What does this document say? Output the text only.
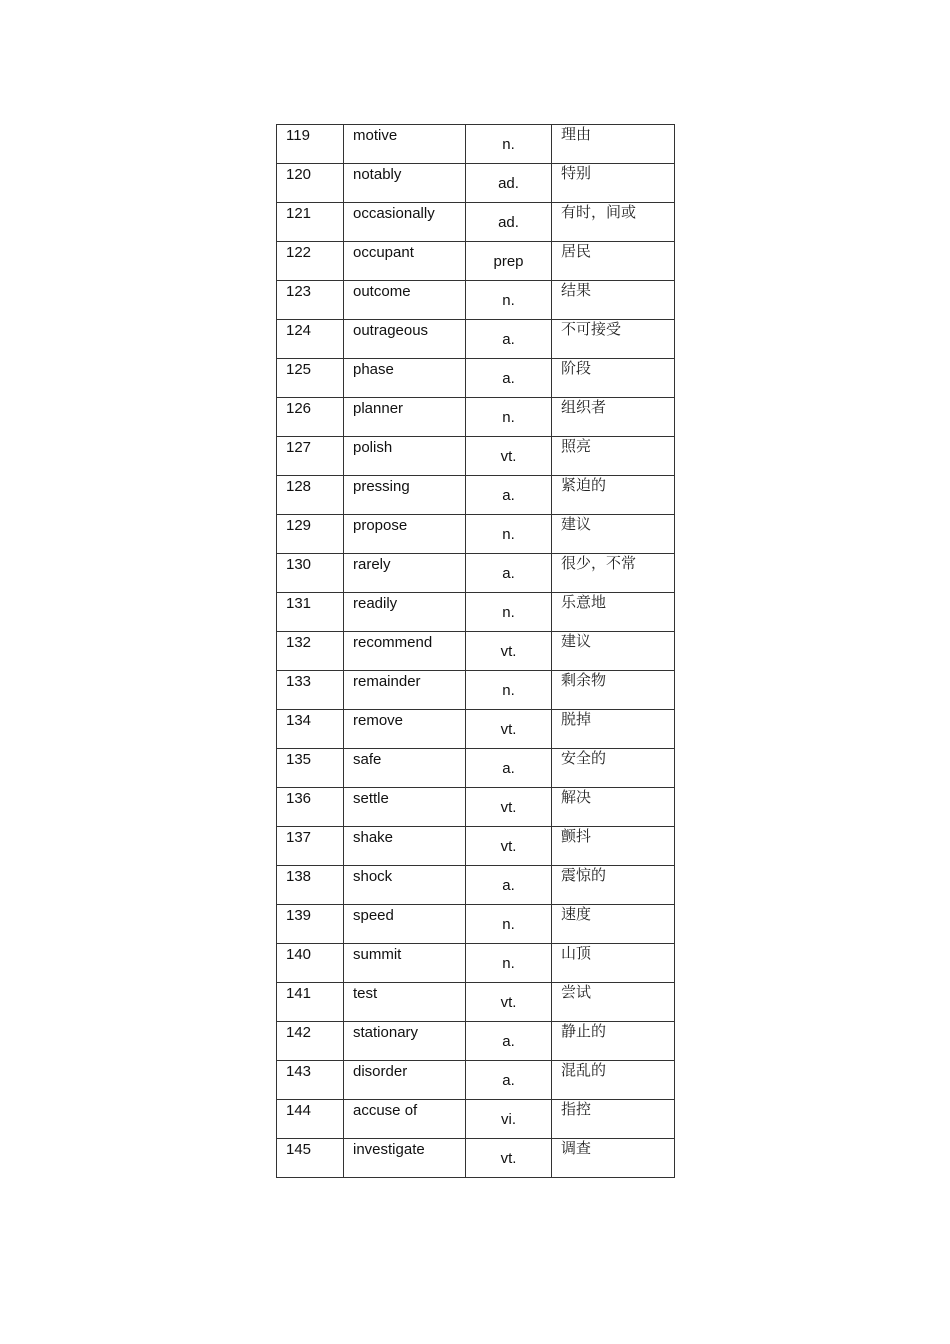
119	motive	n.	理由
120	notably	ad.	特别
121	occasionally	ad.	有时，间或
122	occupant	prep	居民
123	outcome	n.	结果
124	outrageous	a.	不可接受
125	phase	a.	阶段
126	planner	n.	组织者
127	polish	vt.	照亮
128	pressing	a.	紧迫的
129	propose	n.	建议
130	rarely	a.	很少，不常
131	readily	n.	乐意地
132	recommend	vt.	建议
133	remainder	n.	剩余物
134	remove	vt.	脱掉
135	safe	a.	安全的
136	settle	vt.	解决
137	shake	vt.	颤抖
138	shock	a.	震惊的
139	speed	n.	速度
140	summit	n.	山顶
141	test	vt.	尝试
142	stationary	a.	静止的
143	disorder	a.	混乱的
144	accuse of	vi.	指控
145	investigate	vt.	调查
